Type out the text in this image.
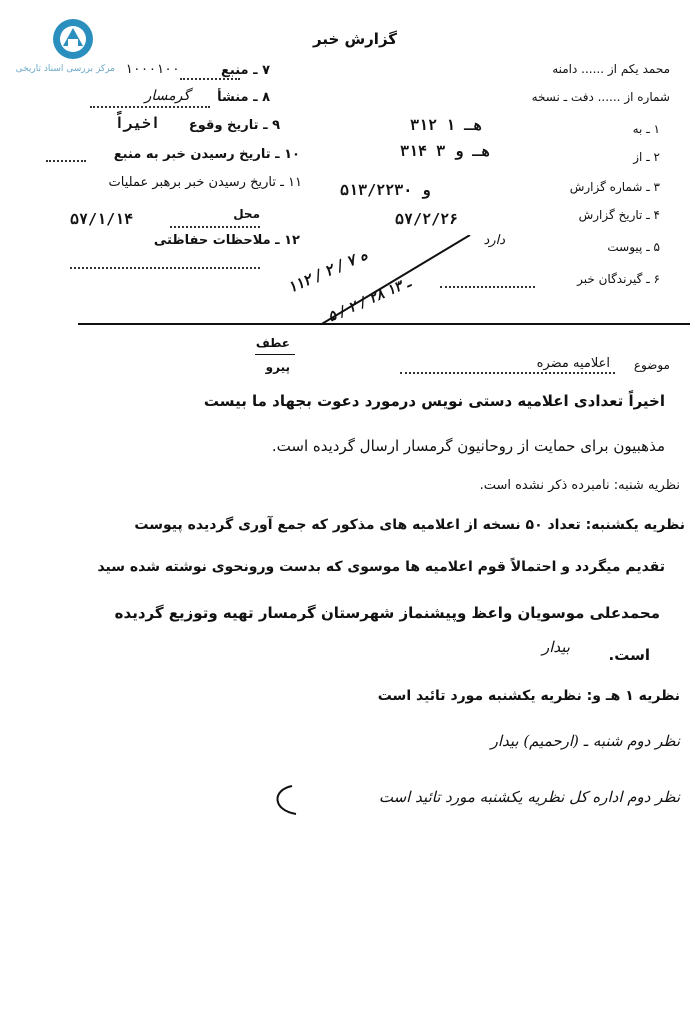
مرکز بررسی اسناد تاریخی
گزارش خبر
۷ ـ منبع
۱۰۰۰۱۰۰
۸ ـ منشأ
گرمسار
۹ ـ تاریخ وقوع
اخیراً
۱۰ ـ تاریخ رسیدن خبر به منبع
۱۱ ـ تاریخ رسیدن خبر برهبر عملیات
محل
۵۷/۱/۱۴
۱۲ ـ ملاحظات حفاظتی
محمد یکم از ...... دامنه
شماره از ...... دفت ـ نسخه
۱ ـ به
۳۱۲ هـ ۱
۲ ـ از
۳۱۴ هـ و ۳
۳ ـ شماره گزارش
۵۱۳/۲۲۳۰ و
۴ ـ تاریخ گزارش
۵۷/۲/۲۶
۵ ـ پیوست
دارد
۶ ـ گیرندگان خبر
۱۱ه ۷ / ۲ / ۲
۵ / ۲ / ۲۸ ـ ۱۳
عطف
پیرو	موضوع
اعلامیه مضره
اخیراً تعدادی اعلامیه دستی نویس درمورد دعوت بجهاد ما بیست
مذهبیون برای حمایت از روحانیون گرمسار ارسال گردیده است.
نظریه شنبه: نامبرده ذکر نشده است.
نظریه یکشنبه: تعداد ۵۰ نسخه از اعلامیه های مذکور که جمع آوری گردیده پیوست
تقدیم میگردد و احتمالاً قوم اعلامیه ها موسوی که بدست ورونحوی نوشته شده سید
محمدعلی موسویان واعظ وپیشنماز شهرستان گرمسار تهیه وتوزیع گردیده
است.
بیدار
نظریه ۱ هـ و: نظریه یکشنبه مورد تائید است
نظر دوم شنبه ـ (ارحمیم) بیدار
نظر دوم اداره کل نظریه یکشنبه مورد تائید است
